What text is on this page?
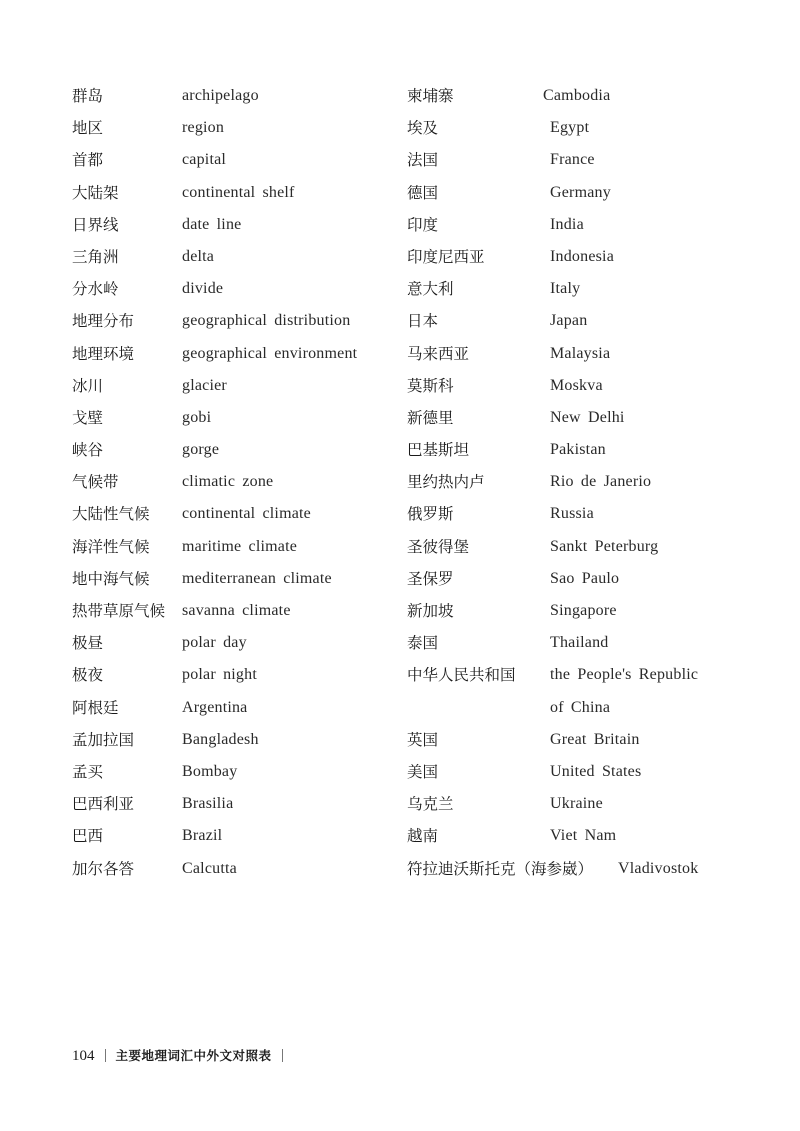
群岛	archipelago
地区	region
首都	capital
大陆架	continental shelf
日界线	date line
三角洲	delta
分水岭	divide
地理分布	geographical distribution
地理环境	geographical environment
冰川	glacier
戈壁	gobi
峡谷	gorge
气候带	climatic zone
大陆性气候 continental climate
海洋性气候 maritime climate
地中海气候 mediterranean climate
热带草原气候 savanna climate
极昼	polar day
极夜	polar night
阿根廷	Argentina
孟加拉国	Bangladesh
孟买	Bombay
巴西利亚	Brasilia
巴西	Brazil
加尔各答	Calcutta
柬埔寨	Cambodia
埃及	Egypt
法国	France
德国	Germany
印度	India
印度尼西亚	Indonesia
意大利	Italy
日本	Japan
马来西亚	Malaysia
莫斯科	Moskva
新德里	New Delhi
巴基斯坦	Pakistan
里约热内卢	Rio de Janerio
俄罗斯	Russia
圣彼得堡	Sankt Peterburg
圣保罗	Sao Paulo
新加坡	Singapore
泰国	Thailand
中华人民共和国 the People's Republic
of China
英国	Great Britain
美国	United States
乌克兰	Ukraine
越南	Viet Nam
符拉迪沃斯托克（海参崴） Vladivostok
104 主要地理词汇中外文对照表
